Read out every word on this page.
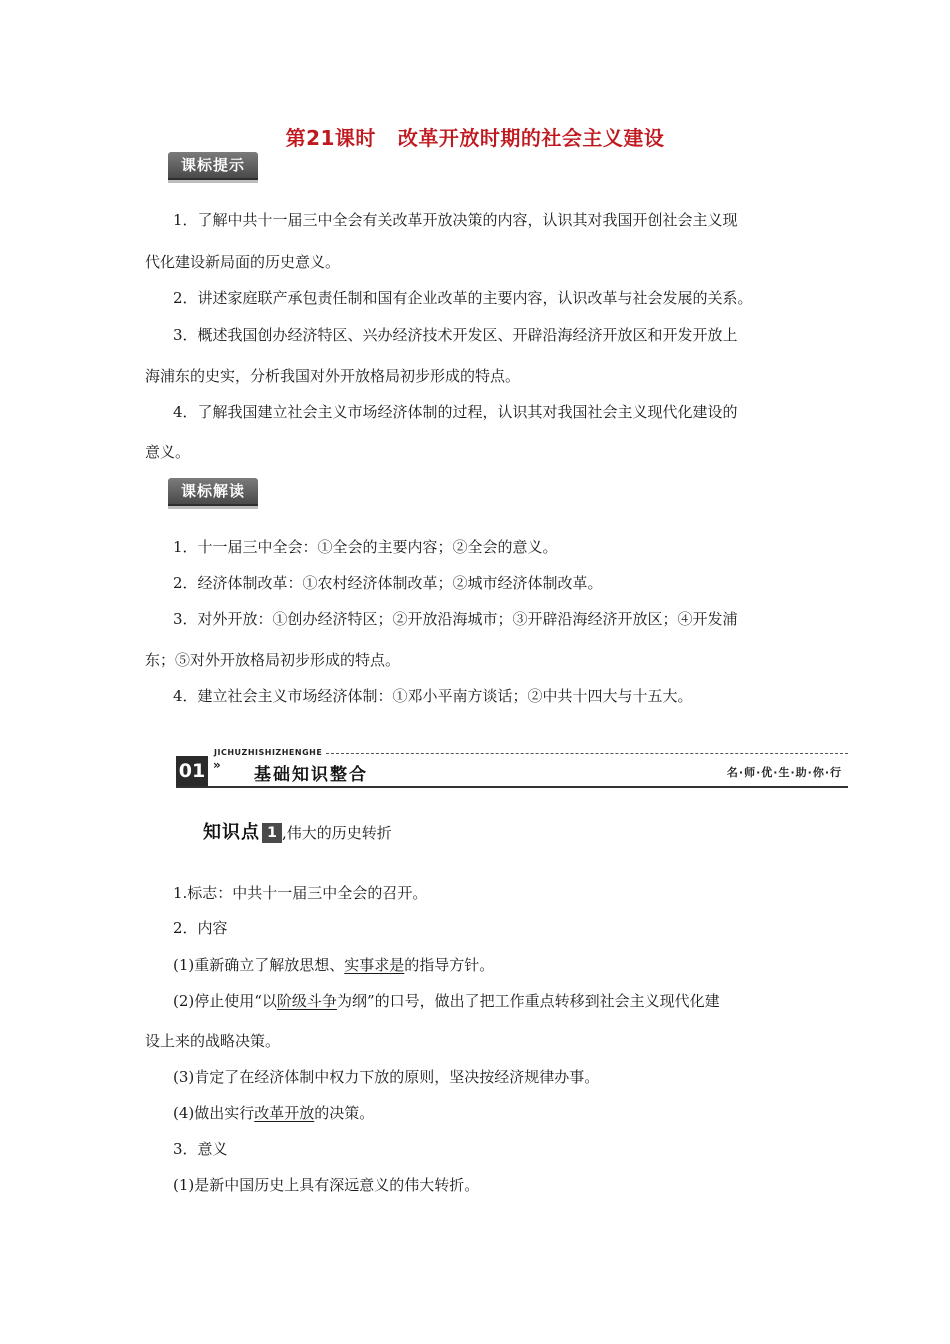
第21课时 改革开放时期的社会主义建设
课标提示
1．了解中共十一届三中全会有关改革开放决策的内容，认识其对我国开创社会主义现
代化建设新局面的历史意义。
2．讲述家庭联产承包责任制和国有企业改革的主要内容，认识改革与社会发展的关系。
3．概述我国创办经济特区、兴办经济技术开发区、开辟沿海经济开放区和开发开放上
海浦东的史实，分析我国对外开放格局初步形成的特点。
4．了解我国建立社会主义市场经济体制的过程，认识其对我国社会主义现代化建设的
意义。
课标解读
1．十一届三中全会：①全会的主要内容；②全会的意义。
2．经济体制改革：①农村经济体制改革；②城市经济体制改革。
3．对外开放：①创办经济特区；②开放沿海城市；③开辟沿海经济开放区；④开发浦
东；⑤对外开放格局初步形成的特点。
4．建立社会主义市场经济体制：①邓小平南方谈话；②中共十四大与十五大。
JICHUZHISHIZHENGHE
01 » 基础知识整合	名·师·优·生·助·你·行
知识点 1 ,伟大的历史转折
1.标志：中共十一届三中全会的召开。
2．内容
(1)重新确立了解放思想、实事求是的指导方针。
(2)停止使用“以阶级斗争为纲”的口号，做出了把工作重点转移到社会主义现代化建
设上来的战略决策。
(3)肯定了在经济体制中权力下放的原则，坚决按经济规律办事。
(4)做出实行改革开放的决策。
3．意义
(1)是新中国历史上具有深远意义的伟大转折。
